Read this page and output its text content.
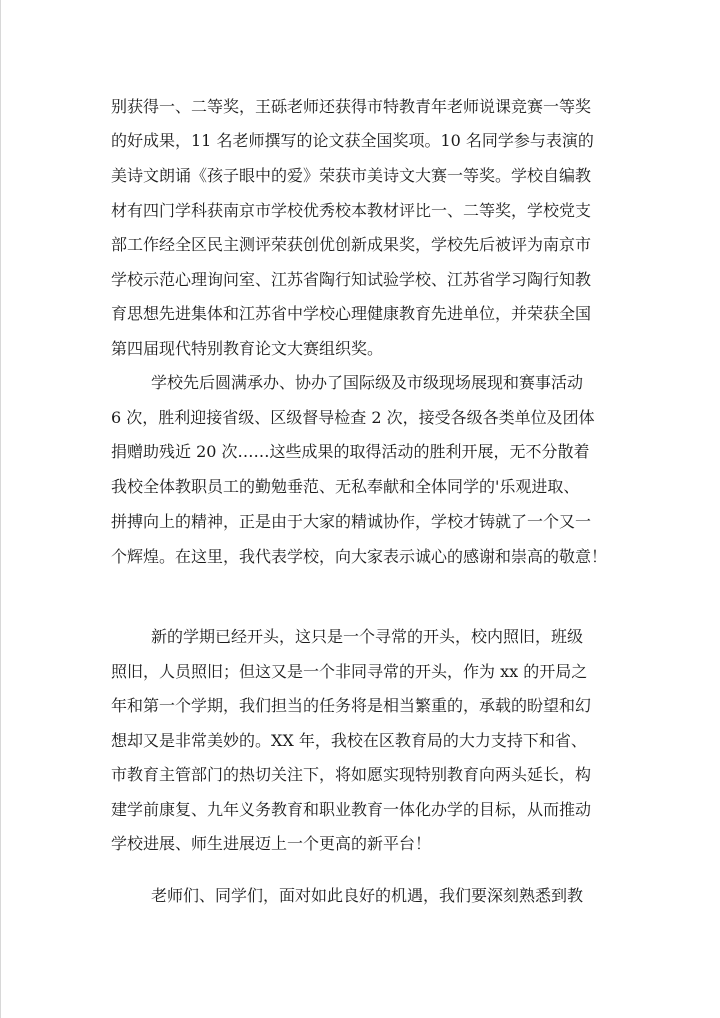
别获得一、二等奖，王砾老师还获得市特教青年老师说课竞赛一等奖

的好成果，11 名老师撰写的论文获全国奖项。10 名同学参与表演的

美诗文朗诵《孩子眼中的爱》荣获市美诗文大赛一等奖。学校自编教

材有四门学科获南京市学校优秀校本教材评比一、二等奖，学校党支

部工作经全区民主测评荣获创优创新成果奖，学校先后被评为南京市

学校示范心理询问室、江苏省陶行知试验学校、江苏省学习陶行知教

育思想先进集体和江苏省中学校心理健康教育先进单位，并荣获全国

第四届现代特别教育论文大赛组织奖。

学校先后圆满承办、协办了国际级及市级现场展现和赛事活动

6 次，胜利迎接省级、区级督导检查 2 次，接受各级各类单位及团体

捐赠助残近 20 次……这些成果的取得活动的胜利开展，无不分散着

我校全体教职员工的勤勉垂范、无私奉献和全体同学的'乐观进取、

拼搏向上的精神，正是由于大家的精诚协作，学校才铸就了一个又一

个辉煌。在这里，我代表学校，向大家表示诚心的感谢和崇高的敬意！

新的学期已经开头，这只是一个寻常的开头，校内照旧，班级

照旧，人员照旧；但这又是一个非同寻常的开头，作为 xx 的开局之

年和第一个学期，我们担当的任务将是相当繁重的，承载的盼望和幻

想却又是非常美妙的。XX 年，我校在区教育局的大力支持下和省、

市教育主管部门的热切关注下，将如愿实现特别教育向两头延长，构

建学前康复、九年义务教育和职业教育一体化办学的目标，从而推动

学校进展、师生进展迈上一个更高的新平台！

老师们、同学们，面对如此良好的机遇，我们要深刻熟悉到教
